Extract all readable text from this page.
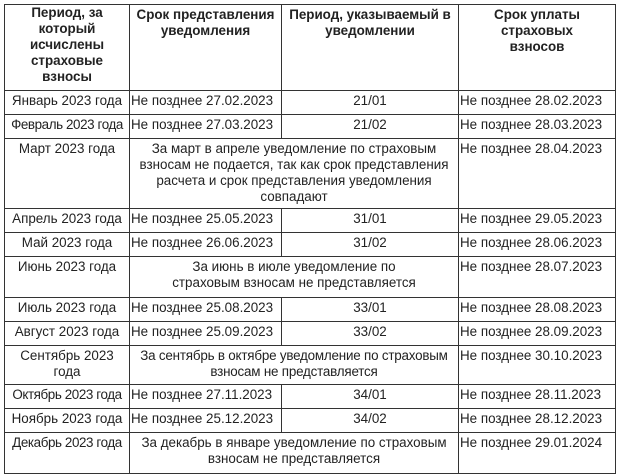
Период, за который исчислены страховые взносы	Срок представления уведомления	Период, указываемый в уведомлении	Срок уплаты страховых взносов
Январь 2023 года	Не позднее 27.02.2023	21/01	Не позднее 28.02.2023
Февраль 2023 года	Не позднее 27.03.2023	21/02	Не позднее 28.03.2023
Март 2023 года	За март в апреле уведомление по страховым взносам не подается, так как срок представления расчета и срок представления уведомления совпадают		Не позднее 28.04.2023
Апрель 2023 года	Не позднее 25.05.2023	31/01	Не позднее 29.05.2023
Май 2023 года	Не позднее 26.06.2023	31/02	Не позднее 28.06.2023
Июнь 2023 года	За июнь в июле уведомление по страховым взносам не представляется		Не позднее 28.07.2023
Июль 2023 года	Не позднее 25.08.2023	33/01	Не позднее 28.08.2023
Август 2023 года	Не позднее 25.09.2023	33/02	Не позднее 28.09.2023
Сентябрь 2023 года	За сентябрь в октябре уведомление по страховым взносам не представляется		Не позднее 30.10.2023
Октябрь 2023 года	Не позднее 27.11.2023	34/01	Не позднее 28.11.2023
Ноябрь 2023 года	Не позднее 25.12.2023	34/02	Не позднее 28.12.2023
Декабрь 2023 года	За декабрь в январе уведомление по страховым взносам не представляется		Не позднее 29.01.2024
